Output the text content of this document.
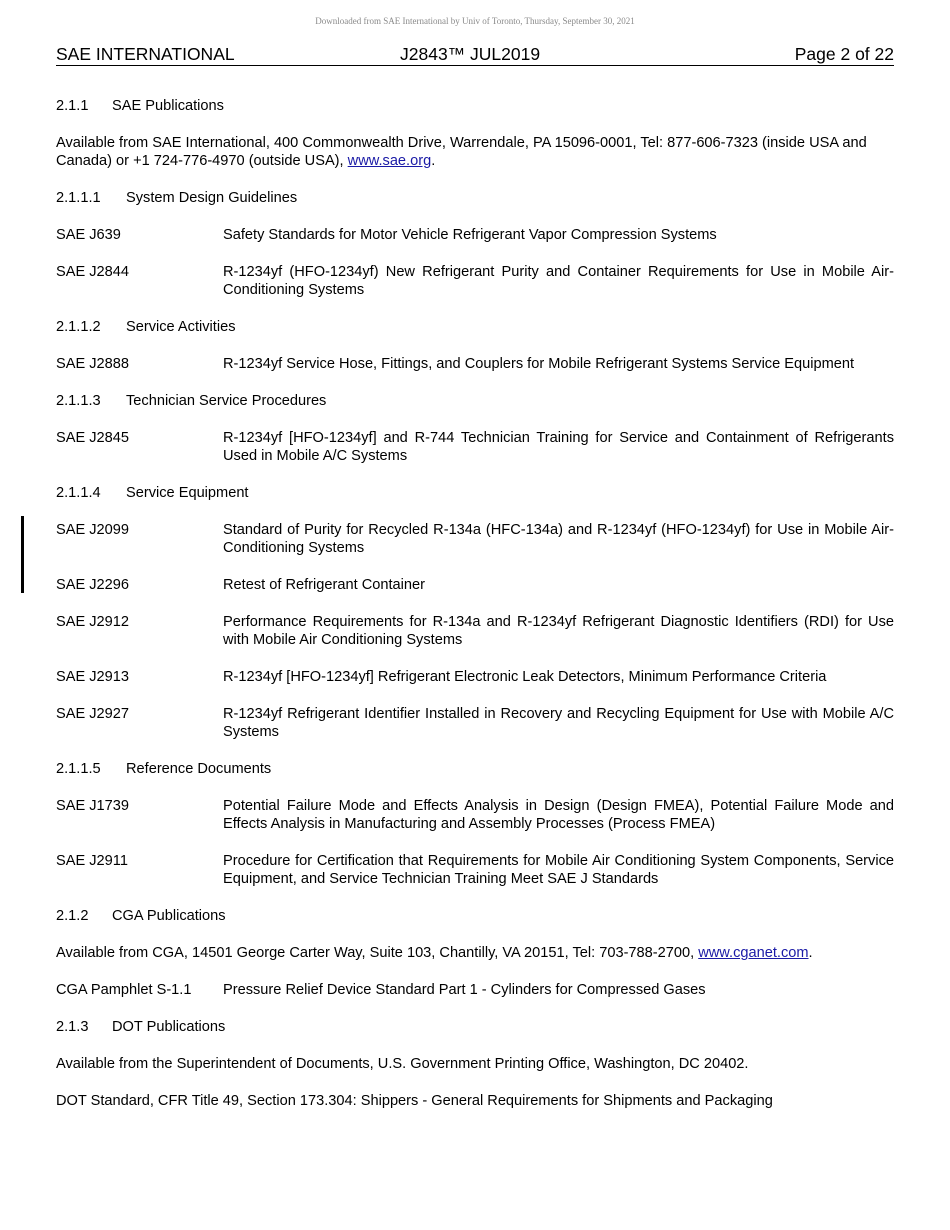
Downloaded from SAE International by Univ of Toronto, Thursday, September 30, 2021
SAE INTERNATIONAL	J2843™ JUL2019	Page 2 of 22
2.1.1	SAE Publications

Available from SAE International, 400 Commonwealth Drive, Warrendale, PA 15096-0001, Tel: 877-606-7323 (inside USA and Canada) or +1 724-776-4970 (outside USA), www.sae.org.

2.1.1.1	System Design Guidelines
SAE J639	Safety Standards for Motor Vehicle Refrigerant Vapor Compression Systems
SAE J2844	R-1234yf (HFO-1234yf) New Refrigerant Purity and Container Requirements for Use in Mobile Air-Conditioning Systems
2.1.1.2	Service Activities
SAE J2888	R-1234yf Service Hose, Fittings, and Couplers for Mobile Refrigerant Systems Service Equipment
2.1.1.3	Technician Service Procedures
SAE J2845	R-1234yf [HFO-1234yf] and R-744 Technician Training for Service and Containment of Refrigerants Used in Mobile A/C Systems
2.1.1.4	Service Equipment
SAE J2099	Standard of Purity for Recycled R-134a (HFC-134a) and R-1234yf (HFO-1234yf) for Use in Mobile Air-Conditioning Systems
SAE J2296	Retest of Refrigerant Container
SAE J2912	Performance Requirements for R-134a and R-1234yf Refrigerant Diagnostic Identifiers (RDI) for Use with Mobile Air Conditioning Systems
SAE J2913	R-1234yf [HFO-1234yf] Refrigerant Electronic Leak Detectors, Minimum Performance Criteria
SAE J2927	R-1234yf Refrigerant Identifier Installed in Recovery and Recycling Equipment for Use with Mobile A/C Systems
2.1.1.5	Reference Documents
SAE J1739	Potential Failure Mode and Effects Analysis in Design (Design FMEA), Potential Failure Mode and Effects Analysis in Manufacturing and Assembly Processes (Process FMEA)
SAE J2911	Procedure for Certification that Requirements for Mobile Air Conditioning System Components, Service Equipment, and Service Technician Training Meet SAE J Standards
2.1.2	CGA Publications

Available from CGA, 14501 George Carter Way, Suite 103, Chantilly, VA 20151, Tel: 703-788-2700, www.cganet.com.

CGA Pamphlet S-1.1	Pressure Relief Device Standard Part 1 - Cylinders for Compressed Gases
2.1.3	DOT Publications

Available from the Superintendent of Documents, U.S. Government Printing Office, Washington, DC 20402.

DOT Standard, CFR Title 49, Section 173.304: Shippers - General Requirements for Shipments and Packaging
